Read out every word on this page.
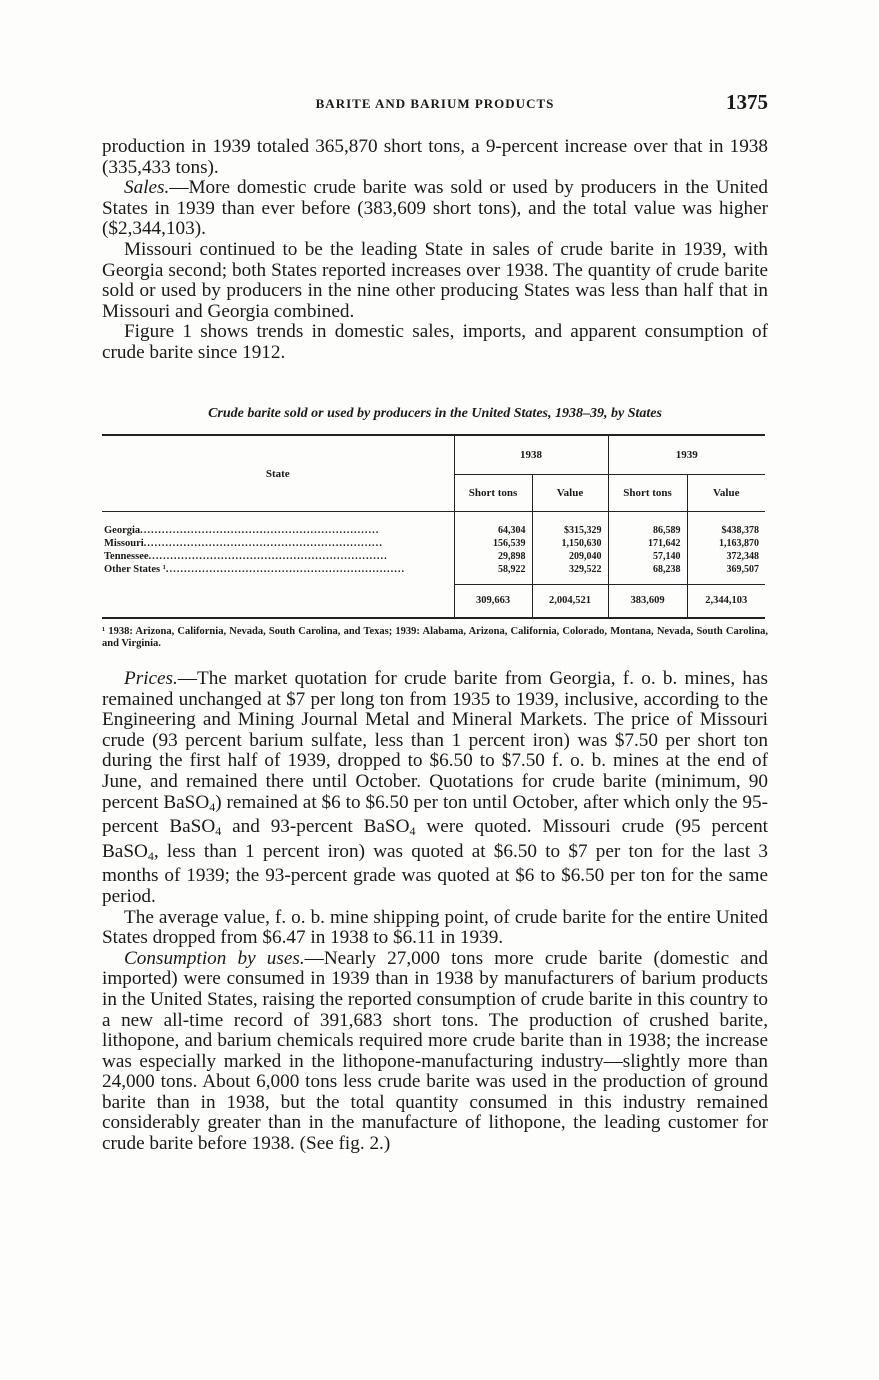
BARITE AND BARIUM PRODUCTS	1375

production in 1939 totaled 365,870 short tons, a 9-percent increase over that in 1938 (335,433 tons).

Sales.—More domestic crude barite was sold or used by producers in the United States in 1939 than ever before (383,609 short tons), and the total value was higher ($2,344,103).

Missouri continued to be the leading State in sales of crude barite in 1939, with Georgia second; both States reported increases over 1938. The quantity of crude barite sold or used by producers in the nine other producing States was less than half that in Missouri and Georgia combined.

Figure 1 shows trends in domestic sales, imports, and apparent consumption of crude barite since 1912.

Crude barite sold or used by producers in the United States, 1938–39, by States
State	1938		1939	
	Short tons	Value	Short tons	Value

Georgia..................................................................	64,304	$315,329	86,589	$438,378
Missouri..................................................................	156,539	1,150,630	171,642	1,163,870
Tennessee..................................................................	29,898	209,040	57,140	372,348
Other States ¹..................................................................	58,922	329,522	68,238	369,507

	309,663	2,004,521	383,609	2,344,103
¹ 1938: Arizona, California, Nevada, South Carolina, and Texas; 1939: Alabama, Arizona, California, Colorado, Montana, Nevada, South Carolina, and Virginia.

Prices.—The market quotation for crude barite from Georgia, f. o. b. mines, has remained unchanged at $7 per long ton from 1935 to 1939, inclusive, according to the Engineering and Mining Journal Metal and Mineral Markets. The price of Missouri crude (93 percent barium sulfate, less than 1 percent iron) was $7.50 per short ton during the first half of 1939, dropped to $6.50 to $7.50 f. o. b. mines at the end of June, and remained there until October. Quotations for crude barite (minimum, 90 percent BaSO$_4$) remained at $6 to $6.50 per ton until October, after which only the 95-percent BaSO$_4$ and 93-percent BaSO$_4$ were quoted. Missouri crude (95 percent BaSO$_4$, less than 1 percent iron) was quoted at $6.50 to $7 per ton for the last 3 months of 1939; the 93-percent grade was quoted at $6 to $6.50 per ton for the same period.

The average value, f. o. b. mine shipping point, of crude barite for the entire United States dropped from $6.47 in 1938 to $6.11 in 1939.

Consumption by uses.—Nearly 27,000 tons more crude barite (domestic and imported) were consumed in 1939 than in 1938 by manufacturers of barium products in the United States, raising the reported consumption of crude barite in this country to a new all-time record of 391,683 short tons. The production of crushed barite, lithopone, and barium chemicals required more crude barite than in 1938; the increase was especially marked in the lithopone-manufacturing industry—slightly more than 24,000 tons. About 6,000 tons less crude barite was used in the production of ground barite than in 1938, but the total quantity consumed in this industry remained considerably greater than in the manufacture of lithopone, the leading customer for crude barite before 1938. (See fig. 2.)
